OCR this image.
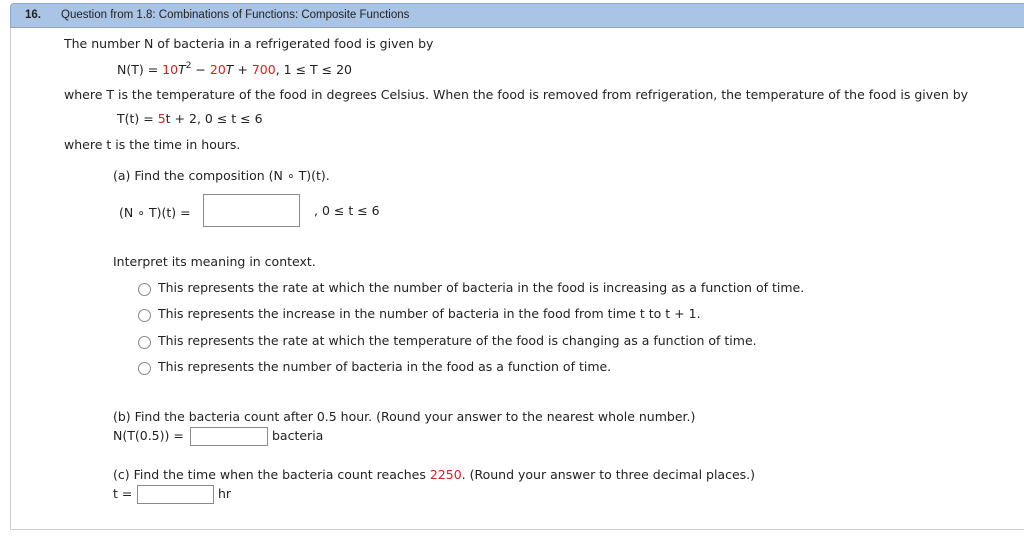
16. Question from 1.8: Combinations of Functions: Composite Functions
The number N of bacteria in a refrigerated food is given by
$N(T) = 10T^2 - 20T + 700$, 1 ≤ T ≤ 20
where T is the temperature of the food in degrees Celsius. When the food is removed from refrigeration, the temperature of the food is given by
T(t) = 5t + 2, 0 ≤ t ≤ 6
where t is the time in hours.
(a) Find the composition (N ∘ T)(t).
(N ∘ T)(t) =	, 0 ≤ t ≤ 6
Interpret its meaning in context.
This represents the rate at which the number of bacteria in the food is increasing as a function of time.
This represents the increase in the number of bacteria in the food from time t to t + 1.
This represents the rate at which the temperature of the food is changing as a function of time.
This represents the number of bacteria in the food as a function of time.
(b) Find the bacteria count after 0.5 hour. (Round your answer to the nearest whole number.)
N(T(0.5)) =	bacteria
(c) Find the time when the bacteria count reaches 2250. (Round your answer to three decimal places.)
t =	hr
